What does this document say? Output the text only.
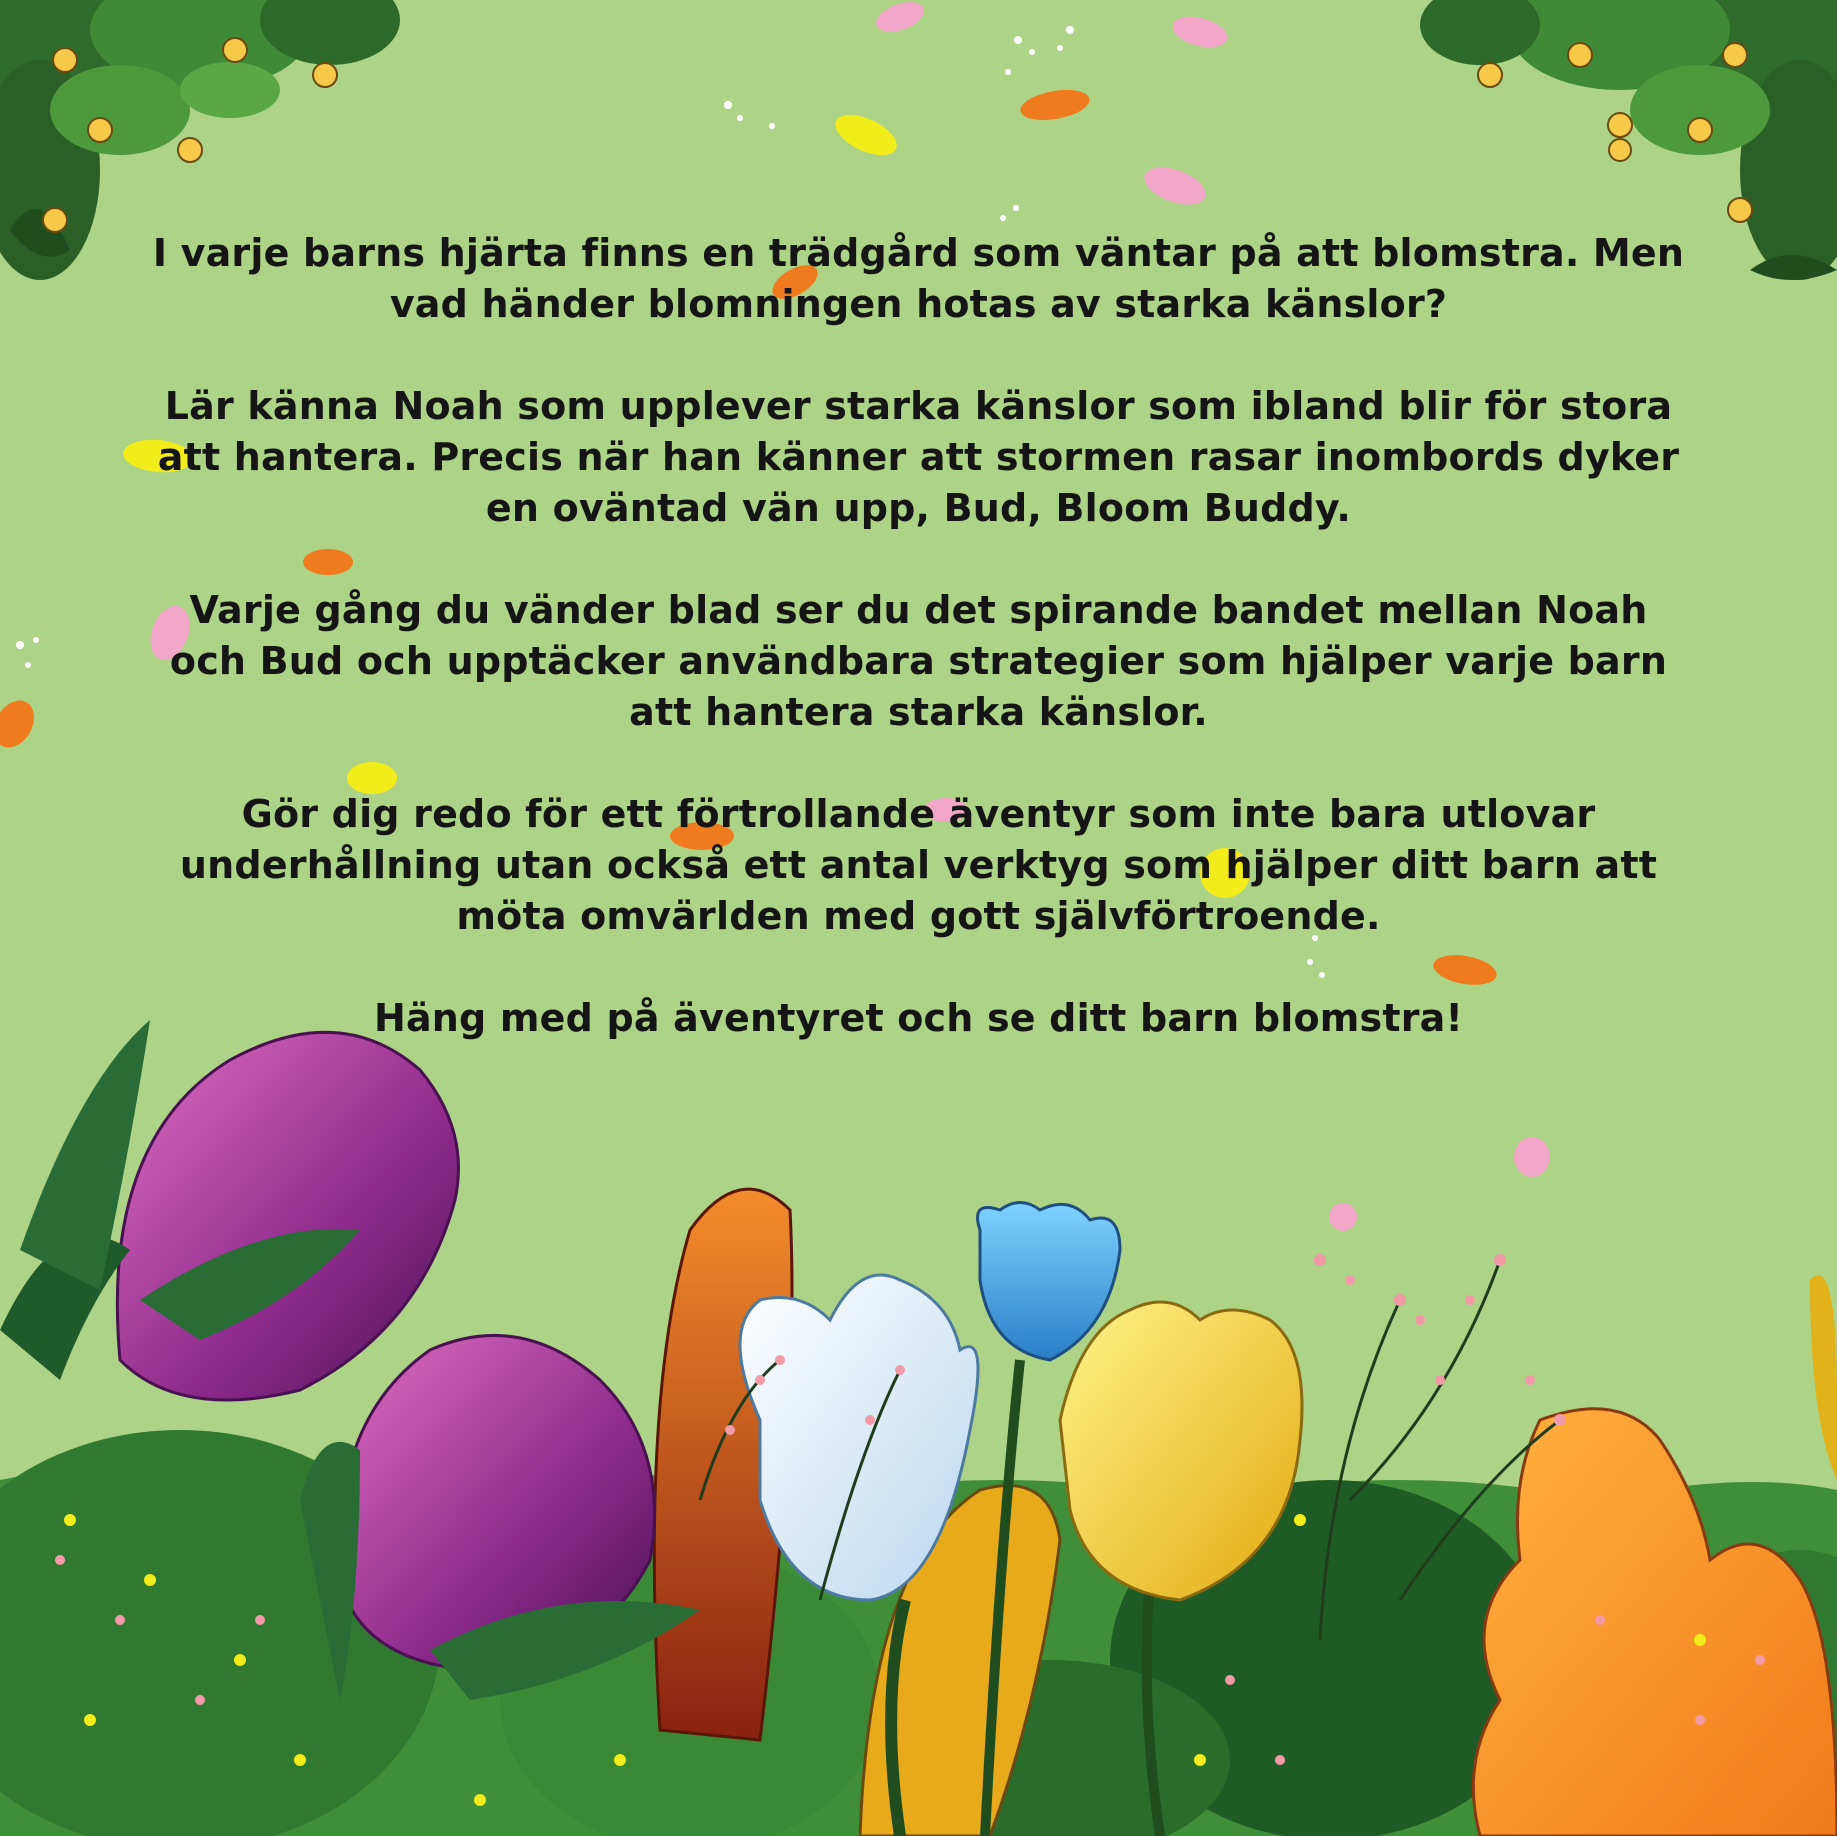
I varje barns hjärta finns en trädgård som väntar på att blomstra. Men vad händer blomningen hotas av starka känslor?

Lär känna Noah som upplever starka känslor som ibland blir för stora att hantera. Precis när han känner att stormen rasar inombords dyker en oväntad vän upp, Bud, Bloom Buddy.

Varje gång du vänder blad ser du det spirande bandet mellan Noah och Bud och upptäcker användbara strategier som hjälper varje barn att hantera starka känslor.

Gör dig redo för ett förtrollande äventyr som inte bara utlovar underhållning utan också ett antal verktyg som hjälper ditt barn att möta omvärlden med gott självförtroende.

Häng med på äventyret och se ditt barn blomstra!
